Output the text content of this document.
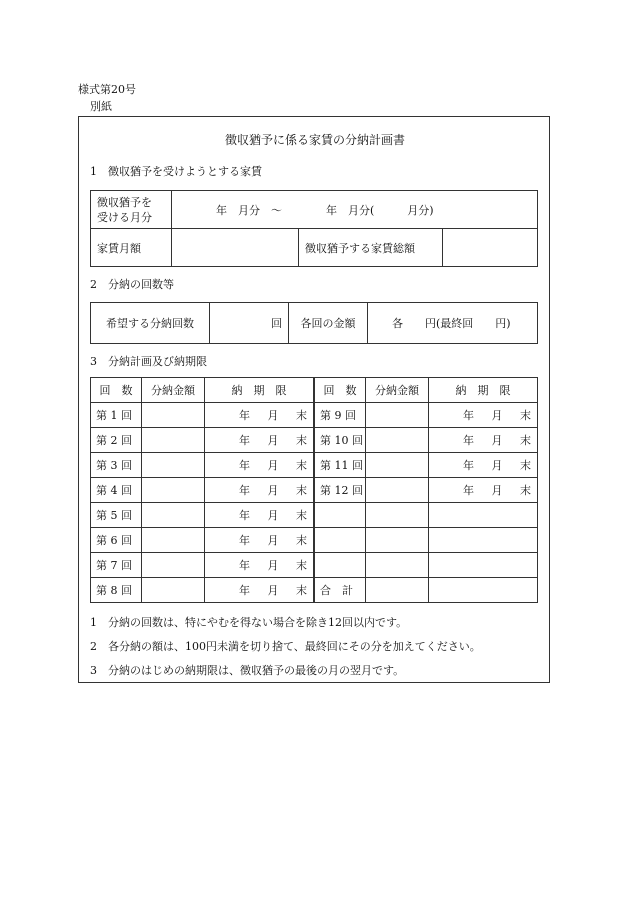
様式第20号
別紙
徴収猶予に係る家賃の分納計画書
1　徴収猶予を受けようとする家賃
徴収猶予を
受ける月分	年　月分　～　　　　年　月分(　　　月分)		
家賃月額		徴収猶予する家賃総額	
2　分納の回数等
希望する分納回数	回	各回の金額	各　　円(最終回　　円)
3　分納計画及び納期限
回　数	分納金額	納　期　限	回　数	分納金額	納　期　限
第 1 回		年 月 末	第 9 回		年 月 末
第 2 回		年 月 末	第 10 回		年 月 末
第 3 回		年 月 末	第 11 回		年 月 末
第 4 回		年 月 末	第 12 回		年 月 末
第 5 回		年 月 末			
第 6 回		年 月 末			
第 7 回		年 月 末			
第 8 回		年 月 末	合　計		
1　分納の回数は、特にやむを得ない場合を除き12回以内です。
2　各分納の額は、100円未満を切り捨て、最終回にその分を加えてください。
3　分納のはじめの納期限は、徴収猶予の最後の月の翌月です。
